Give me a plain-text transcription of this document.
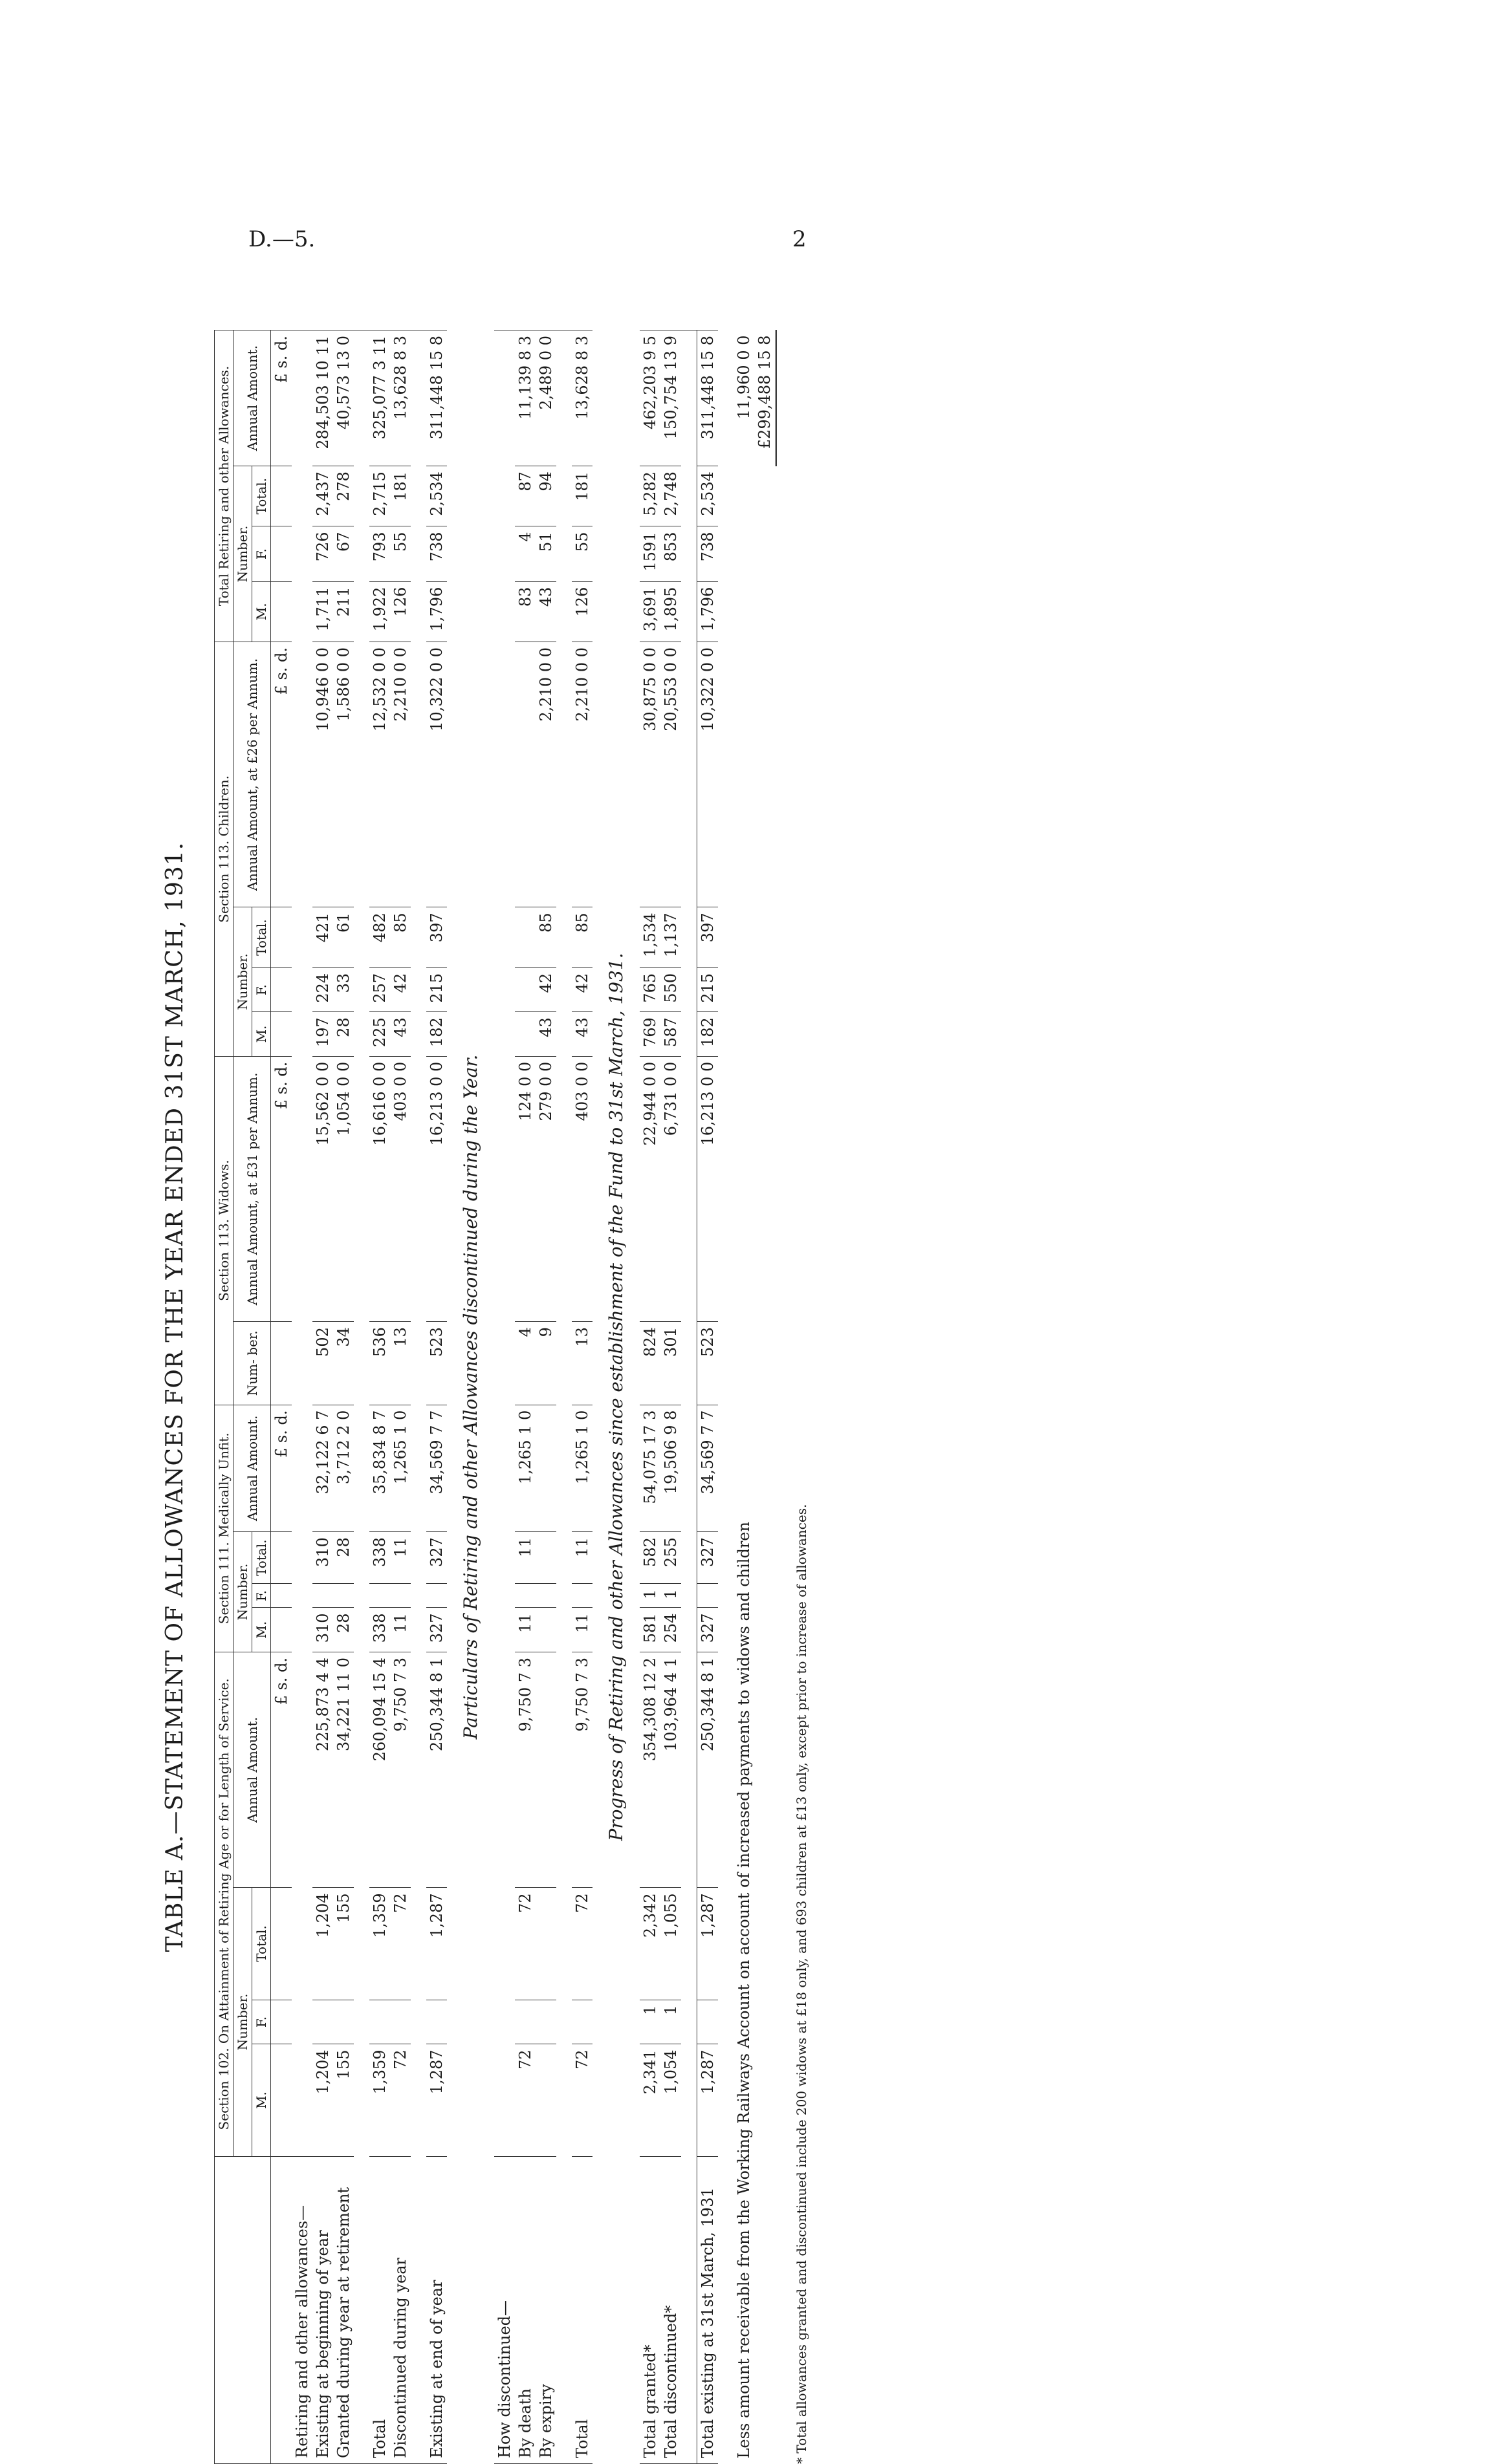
D.—5.	2
TABLE A.—STATEMENT OF ALLOWANCES FOR THE YEAR ENDED 31ST MARCH, 1931.
	Section 102. On Attainment of Retiring Age or for Length of Service.				Section 111. Medically Unfit.				Section 113. Widows.		Section 113. Children.				Total Retiring and other Allowances.			
	Number.			Annual Amount.	Number.			Annual Amount.	Num- ber.	Annual Amount, at £31 per Annum.	Number.			Annual Amount, at £26 per Annum.	Number.			Annual Amount.
	M.	F.	Total.		M.	F.	Total.				M.	F.	Total.		M.	F.	Total.	
				£ s. d.				£ s. d.		£ s. d.				£ s. d.				£ s. d.
Retiring and other allowances—																		
Existing at beginning of year	1,204		1,204	225,873 4 4	310		310	32,122 6 7	502	15,562 0 0	197	224	421	10,946 0 0	1,711	726	2,437	284,503 10 11
Granted during year at retirement	155		155	34,221 11 0	28		28	3,712 2 0	34	1,054 0 0	28	33	61	1,586 0 0	211	67	278	40,573 13 0

Total	1,359		1,359	260,094 15 4	338		338	35,834 8 7	536	16,616 0 0	225	257	482	12,532 0 0	1,922	793	2,715	325,077 3 11
Discontinued during year	72		72	9,750 7 3	11		11	1,265 1 0	13	403 0 0	43	42	85	2,210 0 0	126	55	181	13,628 8 3

Existing at end of year	1,287		1,287	250,344 8 1	327		327	34,569 7 7	523	16,213 0 0	182	215	397	10,322 0 0	1,796	738	2,534	311,448 15 8
Particulars of Retiring and other Allowances discontinued during the Year.																		
How discontinued—																		
By death	72		72	9,750 7 3	11		11	1,265 1 0	4	124 0 0					83	4	87	11,139 8 3
By expiry									9	279 0 0	43	42	85	2,210 0 0	43	51	94	2,489 0 0

Total	72		72	9,750 7 3	11		11	1,265 1 0	13	403 0 0	43	42	85	2,210 0 0	126	55	181	13,628 8 3
Progress of Retiring and other Allowances since establishment of the Fund to 31st March, 1931.																		
Total granted*	2,341	1	2,342	354,308 12 2	581	1	582	54,075 17 3	824	22,944 0 0	769	765	1,534	30,875 0 0	3,691	1591	5,282	462,203 9 5
Total discontinued*	1,054	1	1,055	103,964 4 1	254	1	255	19,506 9 8	301	6,731 0 0	587	550	1,137	20,553 0 0	1,895	853	2,748	150,754 13 9

Total existing at 31st March, 1931	1,287		1,287	250,344 8 1	327		327	34,569 7 7	523	16,213 0 0	182	215	397	10,322 0 0	1,796	738	2,534	311,448 15 8

Less amount receivable from the Working Railways Account on account of increased payments to widows and children																		11,960 0 0
																		£299,488 15 8
* Total allowances granted and discontinued include 200 widows at £18 only, and 693 children at £13 only, except prior to increase of allowances.
